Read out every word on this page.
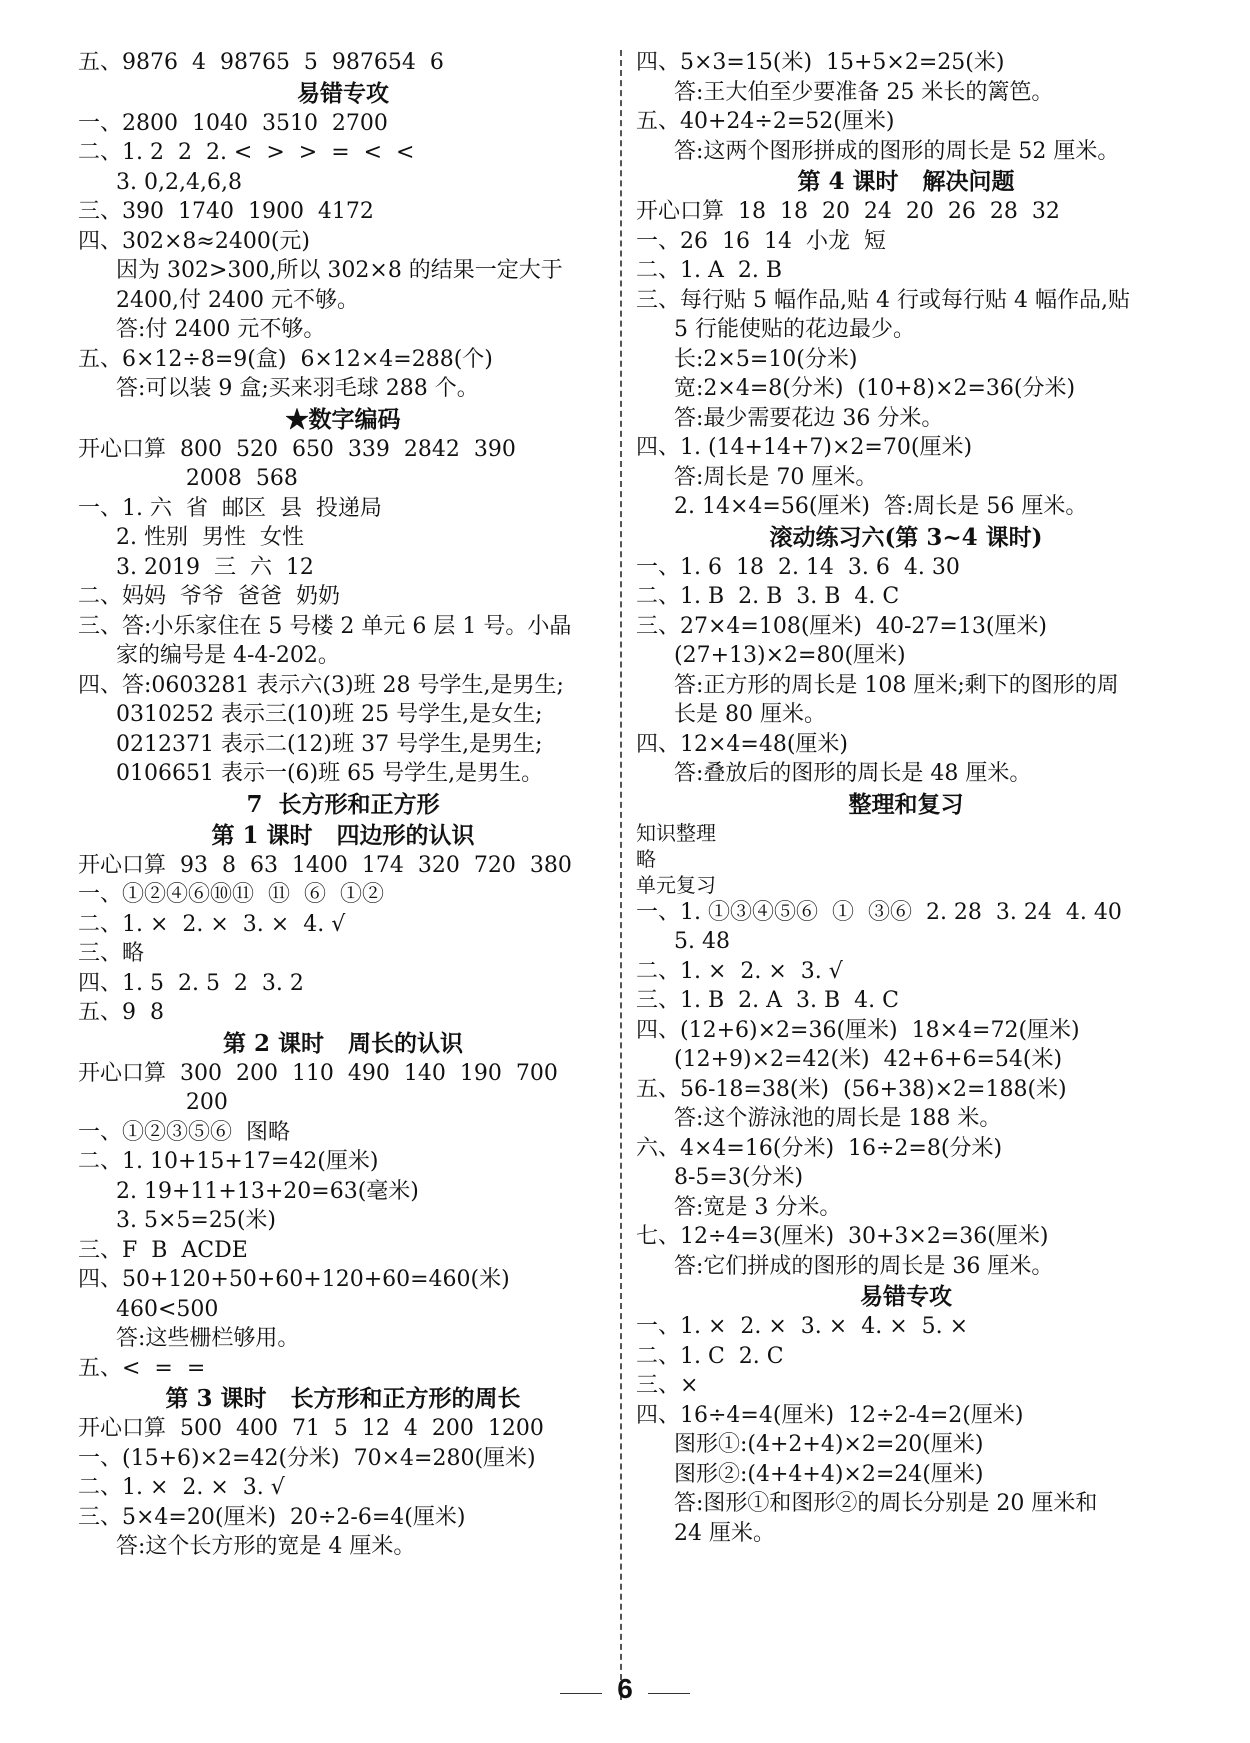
五、9876  4  98765  5  987654  6
易错专攻
一、2800  1040  3510  2700
二、1. 2  2  2. <  >  >  =  <  <
3. 0,2,4,6,8
三、390  1740  1900  4172
四、302×8≈2400(元)
因为 302>300,所以 302×8 的结果一定大于
2400,付 2400 元不够。
答:付 2400 元不够。
五、6×12÷8=9(盒)  6×12×4=288(个)
答:可以装 9 盒;买来羽毛球 288 个。
★数字编码
开心口算  800  520  650  339  2842  390
2008  568
一、1. 六  省  邮区  县  投递局
2. 性别  男性  女性
3. 2019  三  六  12
二、妈妈  爷爷  爸爸  奶奶
三、答:小乐家住在 5 号楼 2 单元 6 层 1 号。小晶
家的编号是 4-4-202。
四、答:0603281 表示六(3)班 28 号学生,是男生;
0310252 表示三(10)班 25 号学生,是女生;
0212371 表示二(12)班 37 号学生,是男生;
0106651 表示一(6)班 65 号学生,是男生。
7  长方形和正方形
第 1 课时   四边形的认识
开心口算  93  8  63  1400  174  320  720  380
一、①②④⑥⑩⑪  ⑪  ⑥  ①②
二、1. ×  2. ×  3. ×  4. √
三、略
四、1. 5  2. 5  2  3. 2
五、9  8
第 2 课时   周长的认识
开心口算  300  200  110  490  140  190  700
200
一、①②③⑤⑥  图略
二、1. 10+15+17=42(厘米)
2. 19+11+13+20=63(毫米)
3. 5×5=25(米)
三、F  B  ACDE
四、50+120+50+60+120+60=460(米)
460<500
答:这些栅栏够用。
五、<  =  =
第 3 课时   长方形和正方形的周长
开心口算  500  400  71  5  12  4  200  1200
一、(15+6)×2=42(分米)  70×4=280(厘米)
二、1. ×  2. ×  3. √
三、5×4=20(厘米)  20÷2-6=4(厘米)
答:这个长方形的宽是 4 厘米。
四、5×3=15(米)  15+5×2=25(米)
答:王大伯至少要准备 25 米长的篱笆。
五、40+24÷2=52(厘米)
答:这两个图形拼成的图形的周长是 52 厘米。
第 4 课时   解决问题
开心口算  18  18  20  24  20  26  28  32
一、26  16  14  小龙  短
二、1. A  2. B
三、每行贴 5 幅作品,贴 4 行或每行贴 4 幅作品,贴
5 行能使贴的花边最少。
长:2×5=10(分米)
宽:2×4=8(分米)  (10+8)×2=36(分米)
答:最少需要花边 36 分米。
四、1. (14+14+7)×2=70(厘米)
答:周长是 70 厘米。
2. 14×4=56(厘米)  答:周长是 56 厘米。
滚动练习六(第 3~4 课时)
一、1. 6  18  2. 14  3. 6  4. 30
二、1. B  2. B  3. B  4. C
三、27×4=108(厘米)  40-27=13(厘米)
(27+13)×2=80(厘米)
答:正方形的周长是 108 厘米;剩下的图形的周
长是 80 厘米。
四、12×4=48(厘米)
答:叠放后的图形的周长是 48 厘米。
整理和复习
知识整理
略
单元复习
一、1. ①③④⑤⑥  ①  ③⑥  2. 28  3. 24  4. 40
5. 48
二、1. ×  2. ×  3. √
三、1. B  2. A  3. B  4. C
四、(12+6)×2=36(厘米)  18×4=72(厘米)
(12+9)×2=42(米)  42+6+6=54(米)
五、56-18=38(米)  (56+38)×2=188(米)
答:这个游泳池的周长是 188 米。
六、4×4=16(分米)  16÷2=8(分米)
8-5=3(分米)
答:宽是 3 分米。
七、12÷4=3(厘米)  30+3×2=36(厘米)
答:它们拼成的图形的周长是 36 厘米。
易错专攻
一、1. ×  2. ×  3. ×  4. ×  5. ×
二、1. C  2. C
三、×
四、16÷4=4(厘米)  12÷2-4=2(厘米)
图形①:(4+2+4)×2=20(厘米)
图形②:(4+4+4)×2=24(厘米)
答:图形①和图形②的周长分别是 20 厘米和
24 厘米。
6
